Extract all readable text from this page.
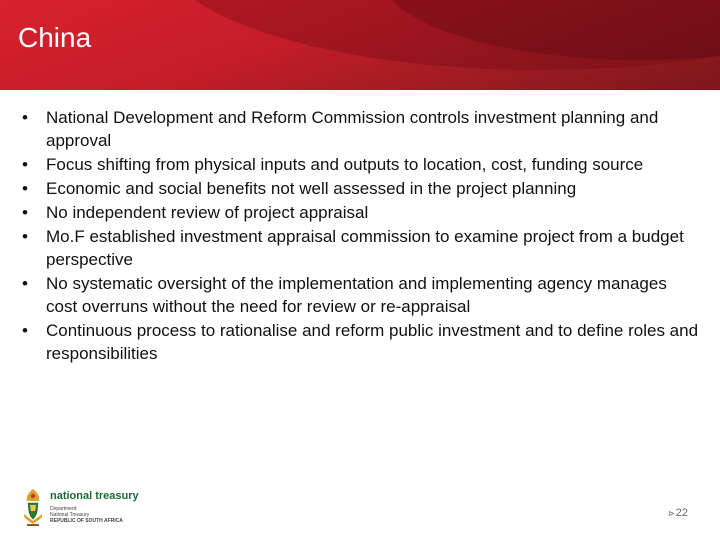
China
• National Development and Reform Commission controls investment planning and approval
• Focus shifting from physical inputs and outputs to location, cost, funding source
• Economic and social benefits not well assessed in the project planning
• No independent review of project appraisal
• Mo.F established investment appraisal commission to examine project from a budget perspective
• No systematic oversight of the implementation and implementing agency manages cost overruns without the need for review or re-appraisal
• Continuous process to rationalise and reform public investment and to define roles and responsibilities
national treasury
Department:
National Treasury
REPUBLIC OF SOUTH AFRICA
⊳22
